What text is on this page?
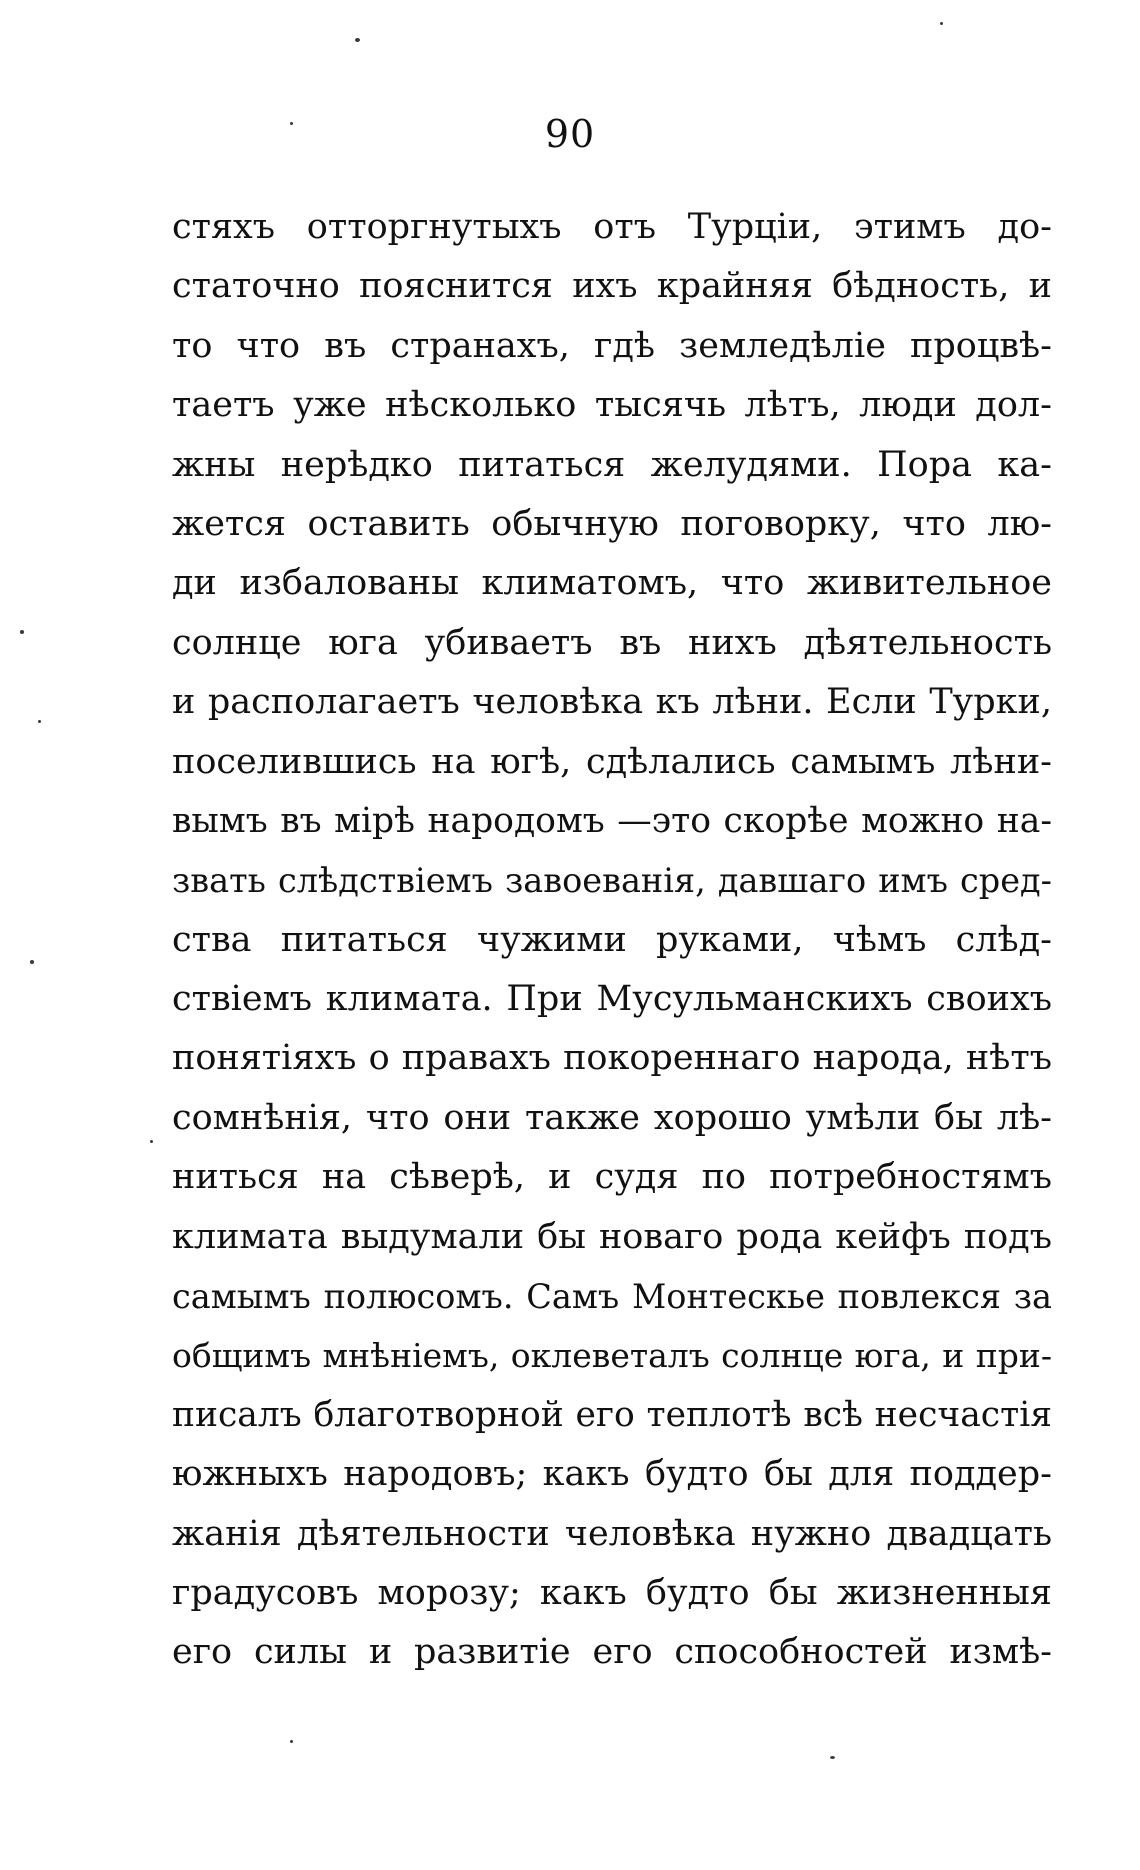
90
стяхъ отторгнутыхъ отъ Турціи, этимъ до-
статочно пояснится ихъ крайняя бѣдность, и
то что въ странахъ, гдѣ земледѣліе процвѣ-
таетъ уже нѣсколько тысячь лѣтъ, люди дол-
жны нерѣдко питаться желудями. Пора ка-
жется оставить обычную поговорку, что лю-
ди избалованы климатомъ, что живительное
солнце юга убиваетъ въ нихъ дѣятельность
и располагаетъ человѣка къ лѣни. Если Турки,
поселившись на югѣ, сдѣлались самымъ лѣни-
вымъ въ мірѣ народомъ —это скорѣе можно на-
звать слѣдствіемъ завоеванія, давшаго имъ сред-
ства питаться чужими руками, чѣмъ слѣд-
ствіемъ климата. При Мусульманскихъ своихъ
понятіяхъ о правахъ покореннаго народа, нѣтъ
сомнѣнія, что они также хорошо умѣли бы лѣ-
ниться на сѣверѣ, и судя по потребностямъ
климата выдумали бы новаго рода кейфъ подъ
самымъ полюсомъ. Самъ Монтескье повлекся за
общимъ мнѣніемъ, оклеветалъ солнце юга, и при-
писалъ благотворной его теплотѣ всѣ несчастія
южныхъ народовъ; какъ будто бы для поддер-
жанія дѣятельности человѣка нужно двадцать
градусовъ морозу; какъ будто бы жизненныя
его силы и развитіе его способностей измѣ-
